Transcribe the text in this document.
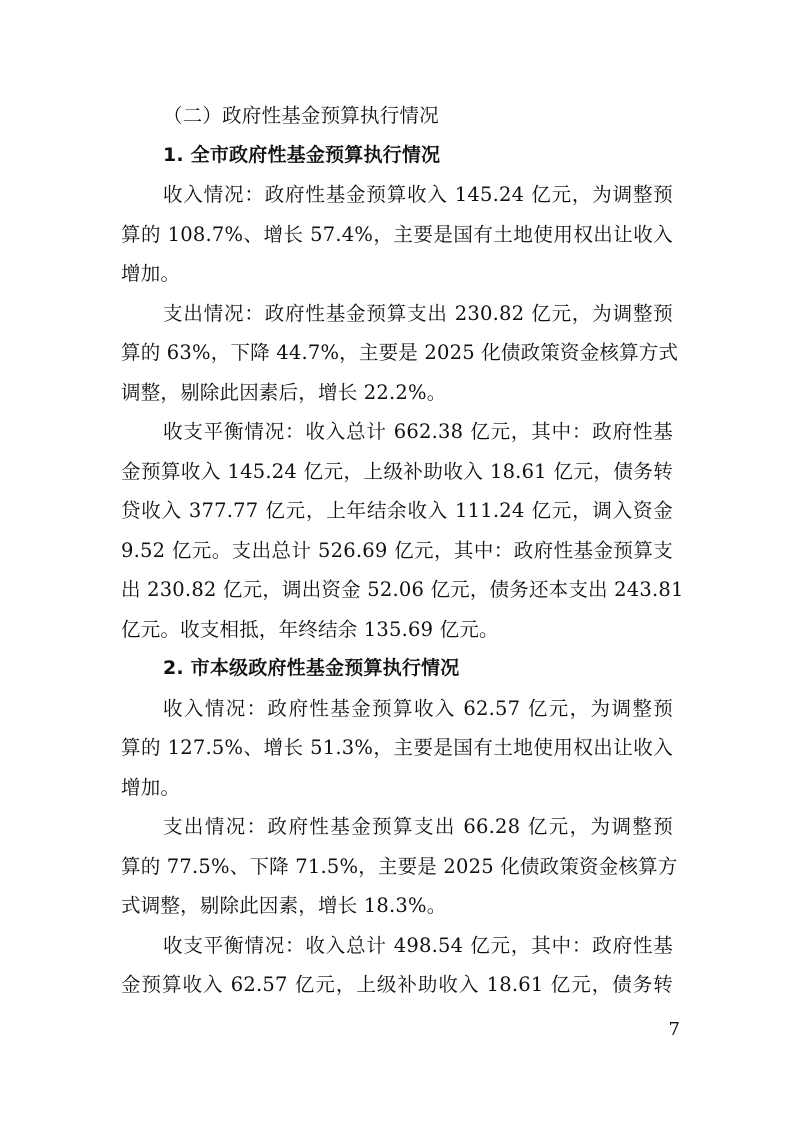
（二）政府性基金预算执行情况
1. 全市政府性基金预算执行情况
收入情况：政府性基金预算收入 145.24 亿元，为调整预
算的 108.7%、增长 57.4%，主要是国有土地使用权出让收入
增加。
支出情况：政府性基金预算支出 230.82 亿元，为调整预
算的 63%，下降 44.7%，主要是 2025 化债政策资金核算方式
调整，剔除此因素后，增长 22.2%。
收支平衡情况：收入总计 662.38 亿元，其中：政府性基
金预算收入 145.24 亿元，上级补助收入 18.61 亿元，债务转
贷收入 377.77 亿元，上年结余收入 111.24 亿元，调入资金
9.52 亿元。支出总计 526.69 亿元，其中：政府性基金预算支
出 230.82 亿元，调出资金 52.06 亿元，债务还本支出 243.81
亿元。收支相抵，年终结余 135.69 亿元。
2. 市本级政府性基金预算执行情况
收入情况：政府性基金预算收入 62.57 亿元，为调整预
算的 127.5%、增长 51.3%，主要是国有土地使用权出让收入
增加。
支出情况：政府性基金预算支出 66.28 亿元，为调整预
算的 77.5%、下降 71.5%，主要是 2025 化债政策资金核算方
式调整，剔除此因素，增长 18.3%。
收支平衡情况：收入总计 498.54 亿元，其中：政府性基
金预算收入 62.57 亿元，上级补助收入 18.61 亿元，债务转
7
